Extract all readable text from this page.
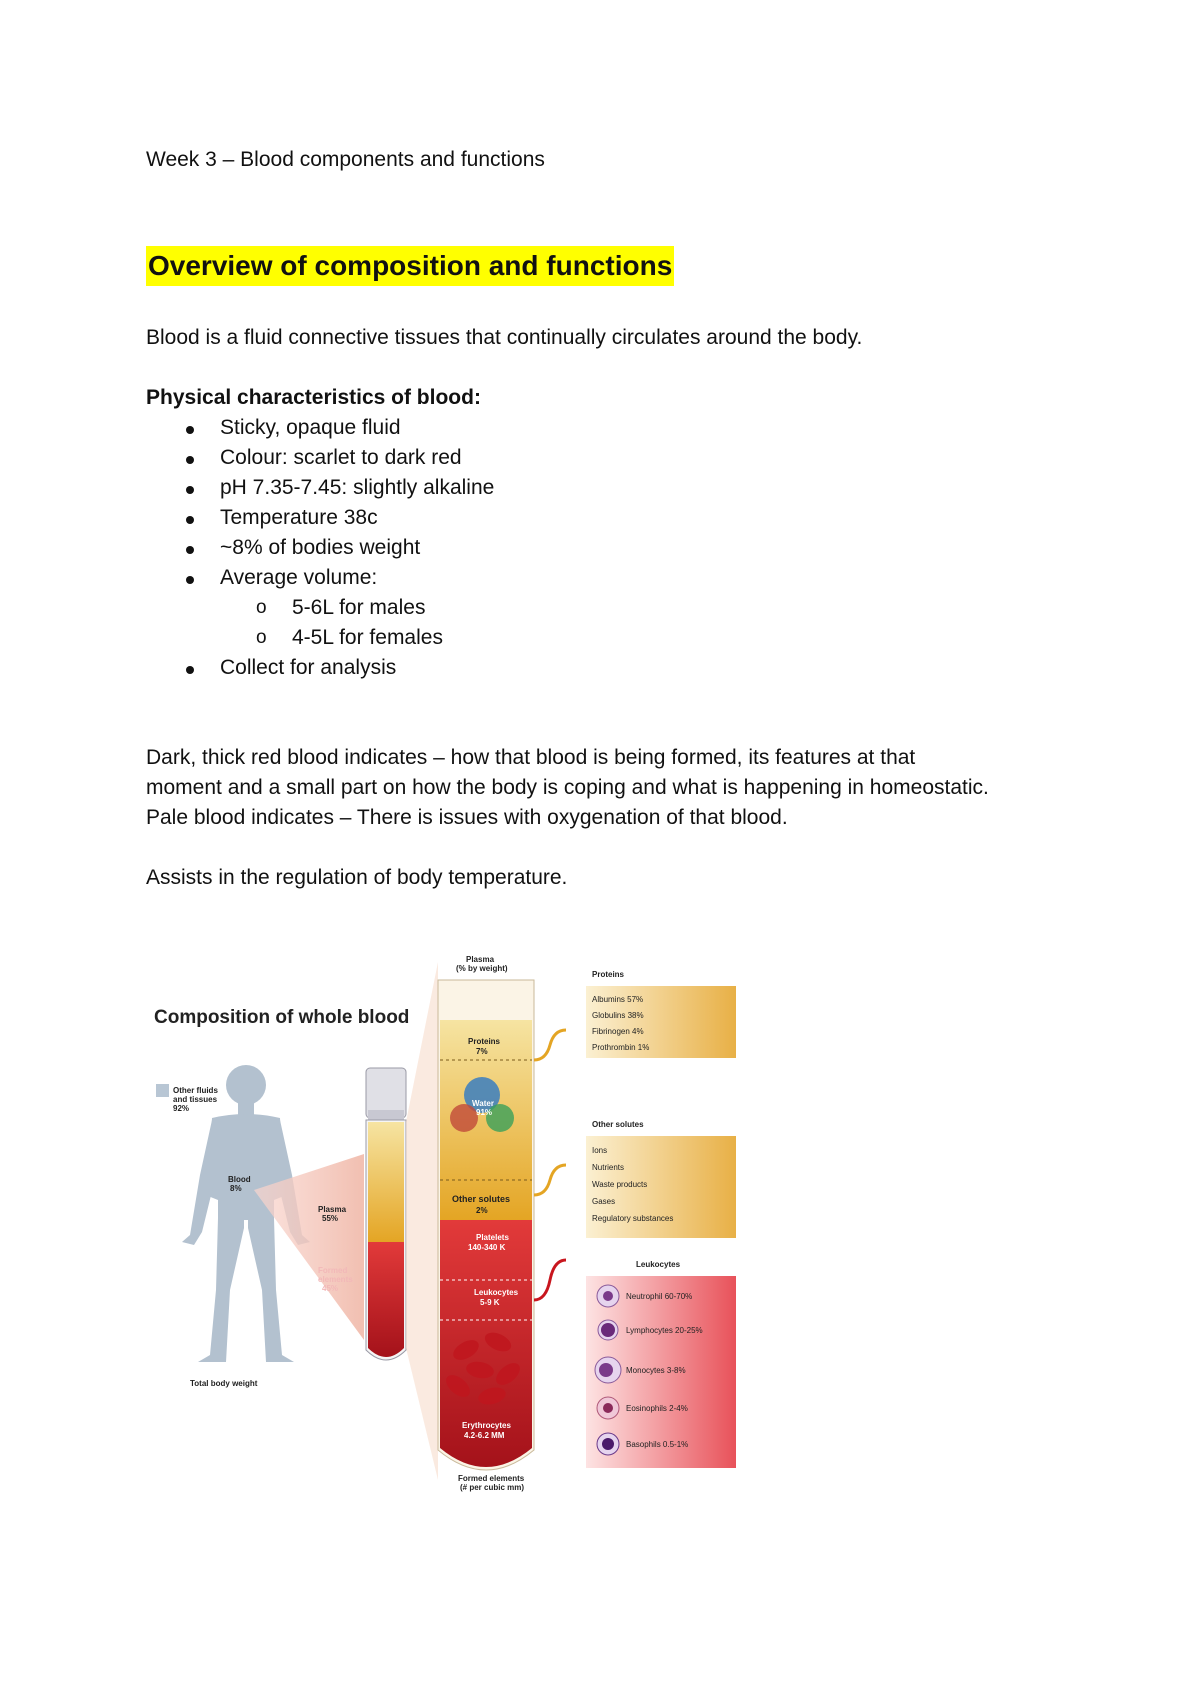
Week 3 – Blood components and functions
Overview of composition and functions
Blood is a fluid connective tissues that continually circulates around the body.
Physical characteristics of blood:
Sticky, opaque fluid
Colour: scarlet to dark red
pH 7.35-7.45: slightly alkaline
Temperature 38c
~8% of bodies weight
Average volume:
o 5-6L for males
o 4-5L for females
Collect for analysis
Dark, thick red blood indicates – how that blood is being formed, its features at that
moment and a small part on how the body is coping and what is happening in homeostatic.
Pale blood indicates – There is issues with oxygenation of that blood.
Assists in the regulation of body temperature.
Composition of whole blood
Other fluids
and tissues
92%
Blood
8%
Total body weight
Plasma
55%
Formed
elements
45%
Plasma
(% by weight)
Proteins
7%
Water
91%
Other solutes
2%
Platelets
140-340 K
Leukocytes
5-9 K
Erythrocytes
4.2-6.2 MM
Formed elements
(# per cubic mm)
Proteins
Albumins 57%
Globulins 38%
Fibrinogen 4%
Prothrombin 1%
Other solutes
Ions
Nutrients
Waste products
Gases
Regulatory substances
Leukocytes
Neutrophil 60-70%
Lymphocytes 20-25%
Monocytes 3-8%
Eosinophils 2-4%
Basophils 0.5-1%
